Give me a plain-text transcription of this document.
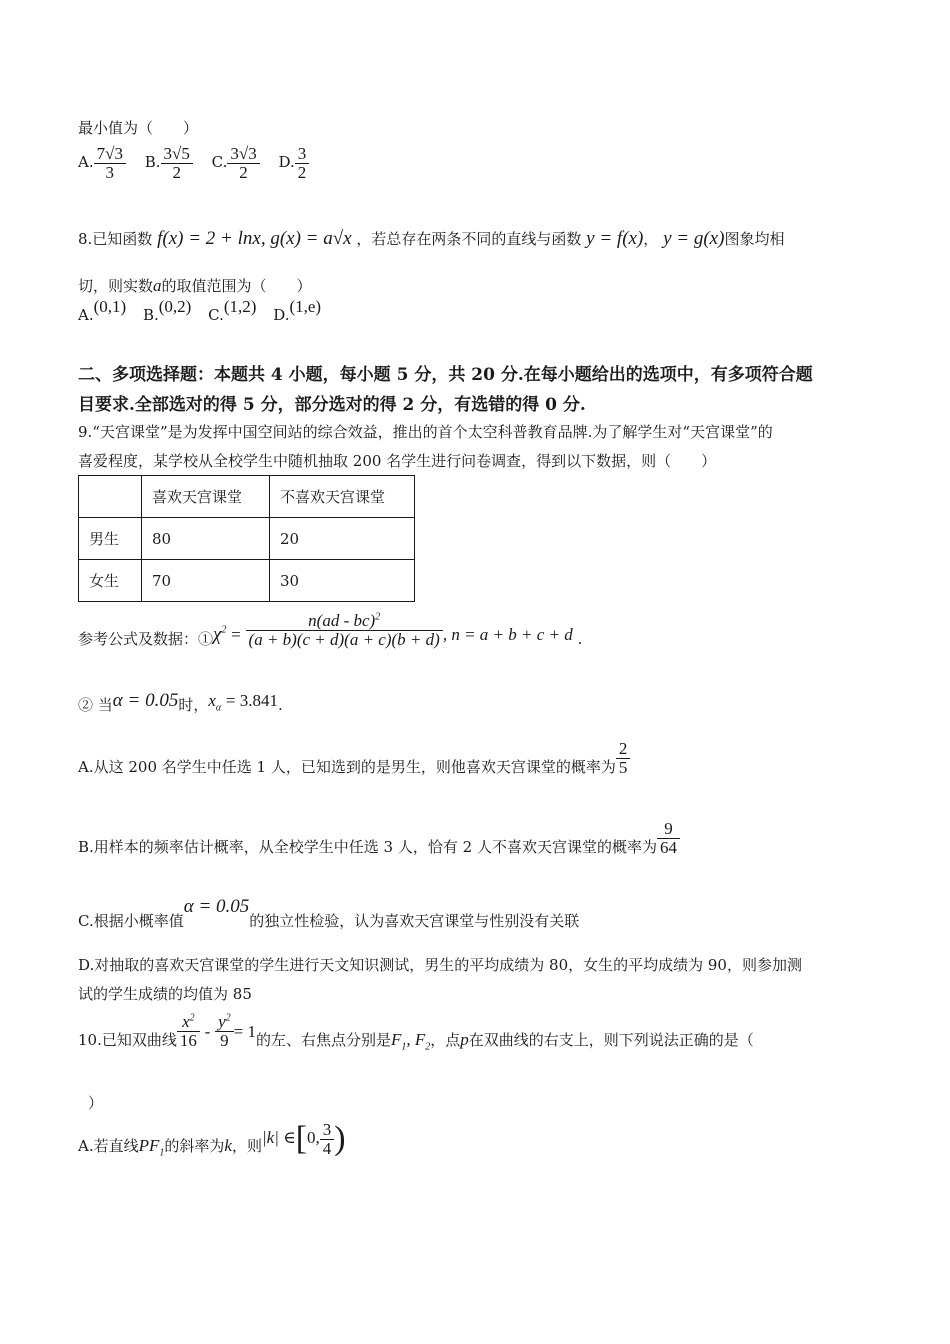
最小值为（　　）
A. $\frac{7√3}{3} B$. $\frac{3√5}{2} C$. $\frac{3√3}{2} D$. $\frac{3}{2}$
8.已知函数 f(x) = 2 + lnx, g(x) = a√x ，若总存在两条不同的直线与函数 y = f(x)， y = g(x)图象均相
切，则实数a的取值范围为（　　）
A.(0,1) B.(0,2) C.(1,2) D.(1,e)
二、多项选择题：本题共 4 小题，每小题 5 分，共 20 分.在每小题给出的选项中，有多项符合题
目要求.全部选对的得 5 分，部分选对的得 2 分，有选错的得 0 分.
9.“天宫课堂”是为发挥中国空间站的综合效益，推出的首个太空科普教育品牌.为了解学生对“天宫课堂”的
喜爱程度，某学校从全校学生中随机抽取 200 名学生进行问卷调查，得到以下数据，则（　　）
	喜欢天宫课堂	不喜欢天宫课堂
男生	80	20
女生	70	30
参考公式及数据：$①\chi^2 = \frac{n(ad - bc)^2}{(a + b)(c + d)(a + c)(b + d)}$ , n = a + b + c + d .
② 当α = 0.05时，$x_\alpha = 3.841$.
A.从这 200 名学生中任选 1 人，已知选到的是男生，则他喜欢天宫课堂的概率为 $\frac{2}{5}$
B.用样本的频率估计概率，从全校学生中任选 3 人，恰有 2 人不喜欢天宫课堂的概率为 $\frac{9}{64}$
C.根据小概率值α = 0.05的独立性检验，认为喜欢天宫课堂与性别没有关联
D.对抽取的喜欢天宫课堂的学生进行天文知识测试，男生的平均成绩为 80，女生的平均成绩为 90，则参加测
试的学生成绩的均值为 85
10.已知双曲线 $\frac{x^2}{16} - \frac{y^2}{9} = 1$的左、右焦点分别是$F_1$, $F_2$，点p在双曲线的右支上，则下列说法正确的是（
）
A.若直线$PF_1$的斜率为k，则|k| ∈[0, $\frac{3}{4}$ )
